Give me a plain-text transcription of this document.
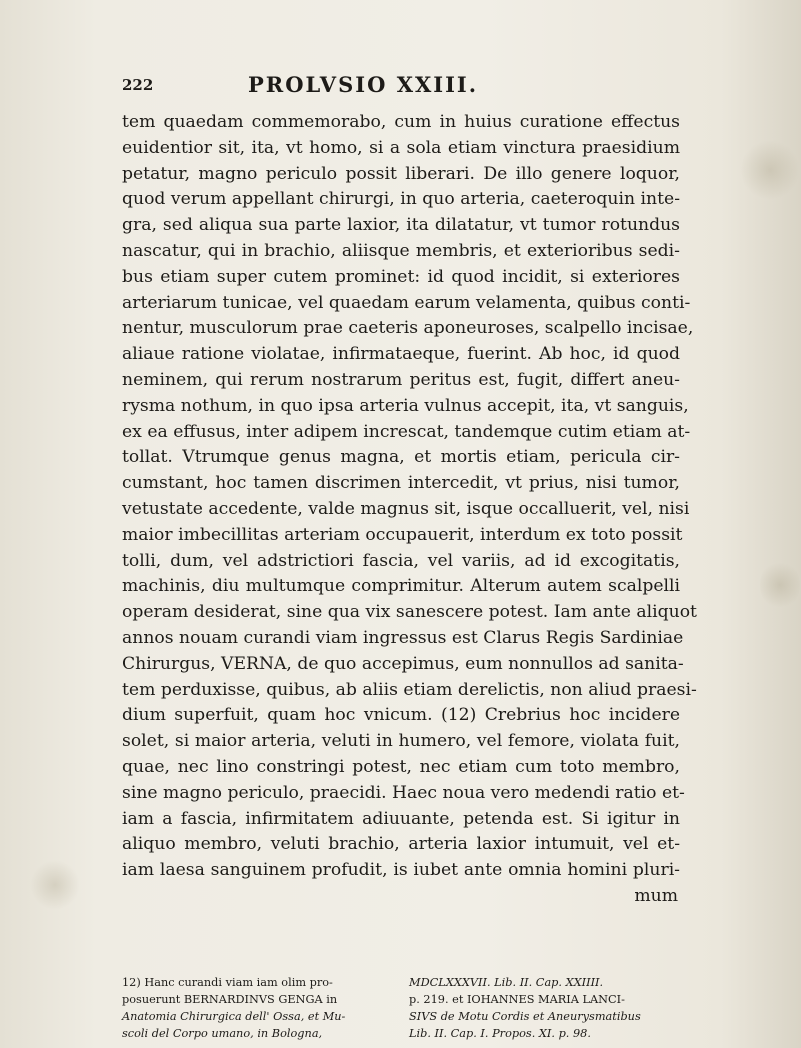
222	PROLVSIO XXIII.
tem quaedam commemorabo, cum in huius curatione effectus
euidentior sit, ita, vt homo, si a sola etiam vinctura praesidium
petatur, magno periculo possit liberari. De illo genere loquor,
quod verum appellant chirurgi, in quo arteria, caeteroquin inte-
gra, sed aliqua sua parte laxior, ita dilatatur, vt tumor rotundus
nascatur, qui in brachio, aliisque membris, et exterioribus sedi-
bus etiam super cutem prominet: id quod incidit, si exteriores
arteriarum tunicae, vel quaedam earum velamenta, quibus conti-
nentur, musculorum prae caeteris aponeuroses, scalpello incisae,
aliaue ratione violatae, infirmataeque, fuerint. Ab hoc, id quod
neminem, qui rerum nostrarum peritus est, fugit, differt aneu-
rysma nothum, in quo ipsa arteria vulnus accepit, ita, vt sanguis,
ex ea effusus, inter adipem increscat, tandemque cutim etiam at-
tollat. Vtrumque genus magna, et mortis etiam, pericula cir-
cumstant, hoc tamen discrimen intercedit, vt prius, nisi tumor,
vetustate accedente, valde magnus sit, isque occalluerit, vel, nisi
maior imbecillitas arteriam occupauerit, interdum ex toto possit
tolli, dum, vel adstrictiori fascia, vel variis, ad id excogitatis,
machinis, diu multumque comprimitur. Alterum autem scalpelli
operam desiderat, sine qua vix sanescere potest. Iam ante aliquot
annos nouam curandi viam ingressus est Clarus Regis Sardiniae
Chirurgus, VERNA, de quo accepimus, eum nonnullos ad sanita-
tem perduxisse, quibus, ab aliis etiam derelictis, non aliud praesi-
dium superfuit, quam hoc vnicum. (12) Crebrius hoc incidere
solet, si maior arteria, veluti in humero, vel femore, violata fuit,
quae, nec lino constringi potest, nec etiam cum toto membro,
sine magno periculo, praecidi. Haec noua vero medendi ratio et-
iam a fascia, infirmitatem adiuuante, petenda est. Si igitur in
aliquo membro, veluti brachio, arteria laxior intumuit, vel et-
iam laesa sanguinem profudit, is iubet ante omnia homini pluri-
mum
12) Hanc curandi viam iam olim pro-
posuerunt BERNARDINVS GENGA in
Anatomia Chirurgica dell' Ossa, et Mu-
scoli del Corpo umano, in Bologna,
MDCLXXXVII. Lib. II. Cap. XXIIII.
p. 219. et IOHANNES MARIA LANCI-
SIVS de Motu Cordis et Aneurysmatibus
Lib. II. Cap. I. Propos. XI. p. 98.
